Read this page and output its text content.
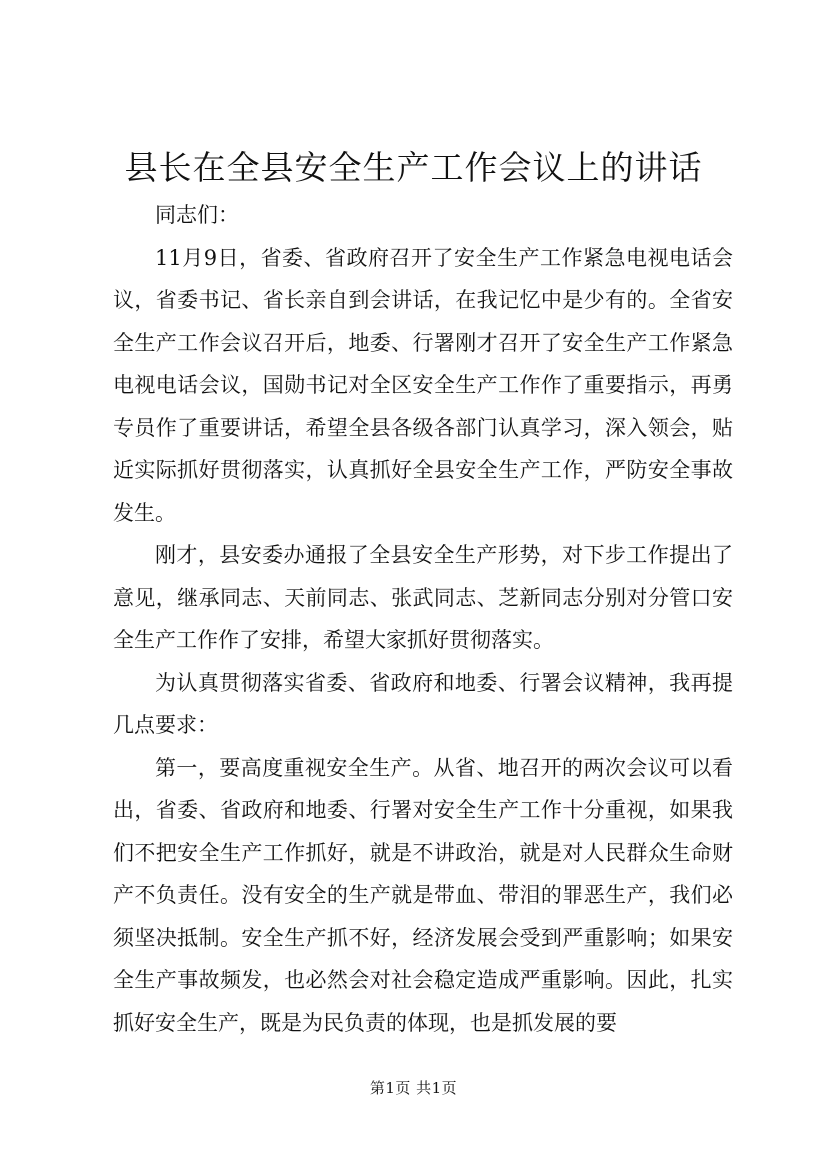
县长在全县安全生产工作会议上的讲话

同志们：

11月9日，省委、省政府召开了安全生产工作紧急电视电话会议，省委书记、省长亲自到会讲话，在我记忆中是少有的。全省安全生产工作会议召开后，地委、行署刚才召开了安全生产工作紧急电视电话会议，国勋书记对全区安全生产工作作了重要指示，再勇专员作了重要讲话，希望全县各级各部门认真学习，深入领会，贴近实际抓好贯彻落实，认真抓好全县安全生产工作，严防安全事故发生。

刚才，县安委办通报了全县安全生产形势，对下步工作提出了意见，继承同志、天前同志、张武同志、芝新同志分别对分管口安全生产工作作了安排，希望大家抓好贯彻落实。

为认真贯彻落实省委、省政府和地委、行署会议精神，我再提几点要求：

第一，要高度重视安全生产。从省、地召开的两次会议可以看出，省委、省政府和地委、行署对安全生产工作十分重视，如果我们不把安全生产工作抓好，就是不讲政治，就是对人民群众生命财产不负责任。没有安全的生产就是带血、带泪的罪恶生产，我们必须坚决抵制。安全生产抓不好，经济发展会受到严重影响；如果安全生产事故频发，也必然会对社会稳定造成严重影响。因此，扎实抓好安全生产，既是为民负责的体现，也是抓发展的要

第1页 共1页
